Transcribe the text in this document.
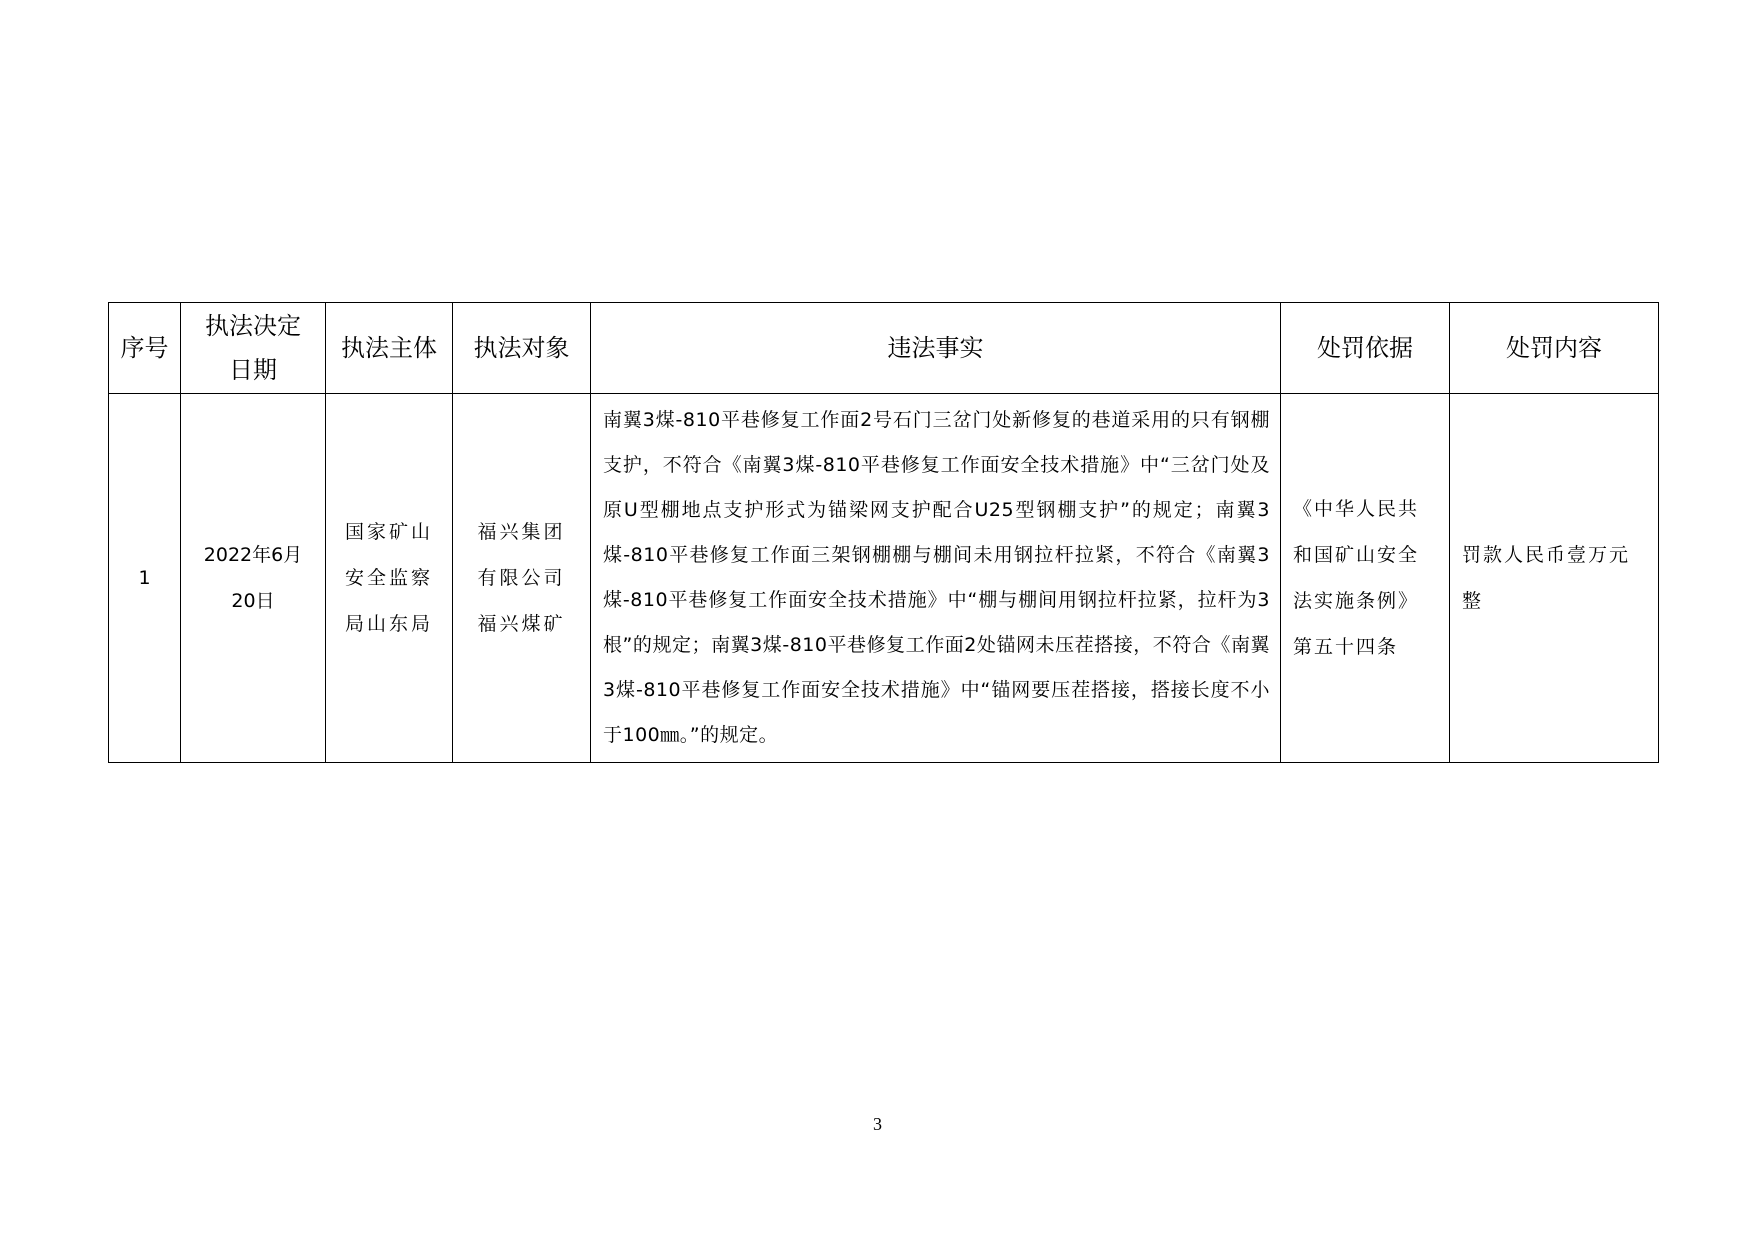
序号	执法决定日期	执法主体	执法对象	违法事实	处罚依据	处罚内容
1	2022年6月20日	国家矿山安全监察局山东局	福兴集团有限公司福兴煤矿	南翼3煤-810平巷修复工作面2号石门三岔门处新修复的巷道采用的只有钢棚支护，不符合《南翼3煤-810平巷修复工作面安全技术措施》中“三岔门处及原U型棚地点支护形式为锚梁网支护配合U25型钢棚支护”的规定；南翼3煤-810平巷修复工作面三架钢棚棚与棚间未用钢拉杆拉紧，不符合《南翼3煤-810平巷修复工作面安全技术措施》中“棚与棚间用钢拉杆拉紧，拉杆为3根”的规定；南翼3煤-810平巷修复工作面2处锚网未压茬搭接，不符合《南翼3煤-810平巷修复工作面安全技术措施》中“锚网要压茬搭接，搭接长度不小于100㎜。”的规定。	《中华人民共和国矿山安全法实施条例》第五十四条	罚款人民币壹万元整
3
